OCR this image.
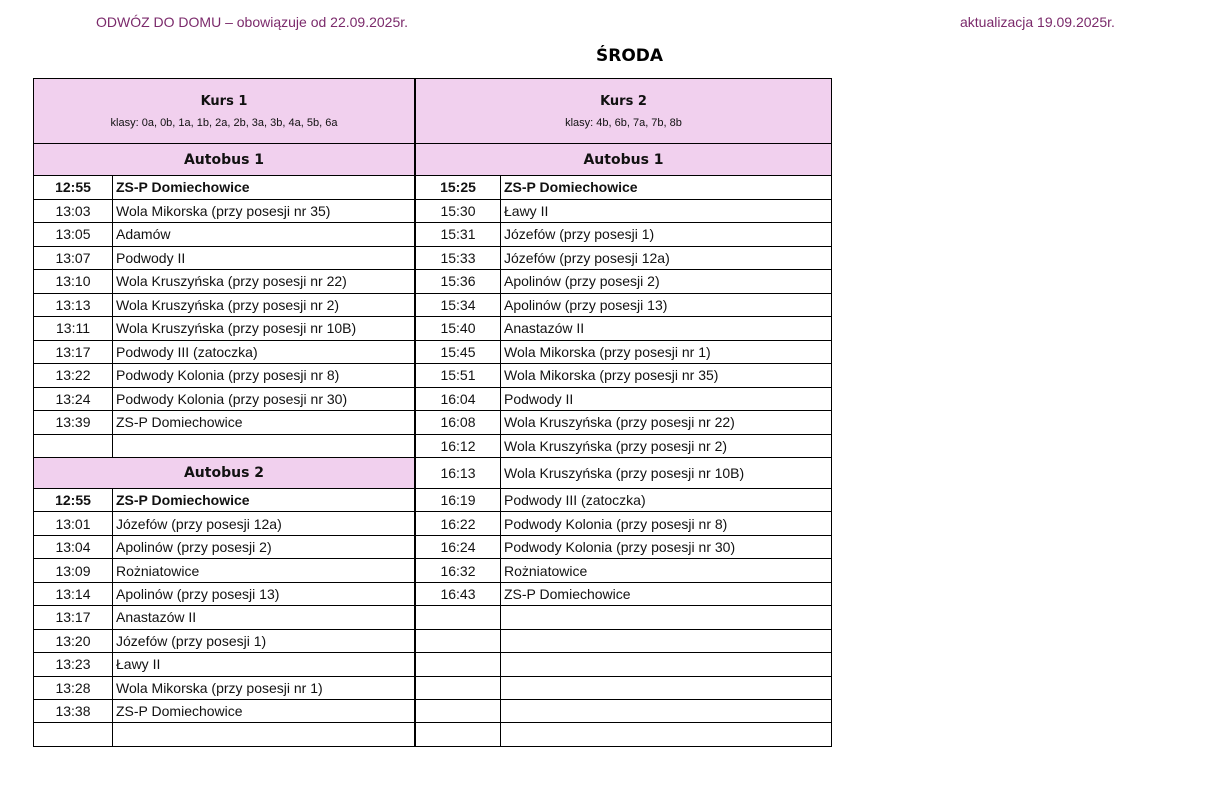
ODWÓZ DO DOMU – obowiązuje od 22.09.2025r.	aktualizacja 19.09.2025r.
ŚRODA
Kurs 1
klasy: 0a, 0b, 1a, 1b, 2a, 2b, 3a, 3b, 4a, 5b, 6a	

Autobus 1	
12:55	ZS-P Domiechowice
13:03	Wola Mikorska (przy posesji nr 35)
13:05	Adamów
13:07	Podwody II
13:10	Wola Kruszyńska (przy posesji nr 22)
13:13	Wola Kruszyńska (przy posesji nr 2)
13:11	Wola Kruszyńska (przy posesji nr 10B)
13:17	Podwody III (zatoczka)
13:22	Podwody Kolonia (przy posesji nr 8)
13:24	Podwody Kolonia (przy posesji nr 30)
13:39	ZS-P Domiechowice

Autobus 2	
12:55	ZS-P Domiechowice
13:01	Józefów (przy posesji 12a)
13:04	Apolinów (przy posesji 2)
13:09	Rożniatowice
13:14	Apolinów (przy posesji 13)
13:17	Anastazów II
13:20	Józefów (przy posesji 1)
13:23	Ławy II
13:28	Wola Mikorska (przy posesji nr 1)
13:38	ZS-P Domiechowice

Kurs 2
klasy: 4b, 6b, 7a, 7b, 8b	

Autobus 1	
15:25	ZS-P Domiechowice
15:30	Ławy II
15:31	Józefów (przy posesji 1)
15:33	Józefów (przy posesji 12a)
15:36	Apolinów (przy posesji 2)
15:34	Apolinów (przy posesji 13)
15:40	Anastazów II
15:45	Wola Mikorska (przy posesji nr 1)
15:51	Wola Mikorska (przy posesji nr 35)
16:04	Podwody II
16:08	Wola Kruszyńska (przy posesji nr 22)
16:12	Wola Kruszyńska (przy posesji nr 2)
16:13	Wola Kruszyńska (przy posesji nr 10B)
16:19	Podwody III (zatoczka)
16:22	Podwody Kolonia (przy posesji nr 8)
16:24	Podwody Kolonia (przy posesji nr 30)
16:32	Rożniatowice
16:43	ZS-P Domiechowice
